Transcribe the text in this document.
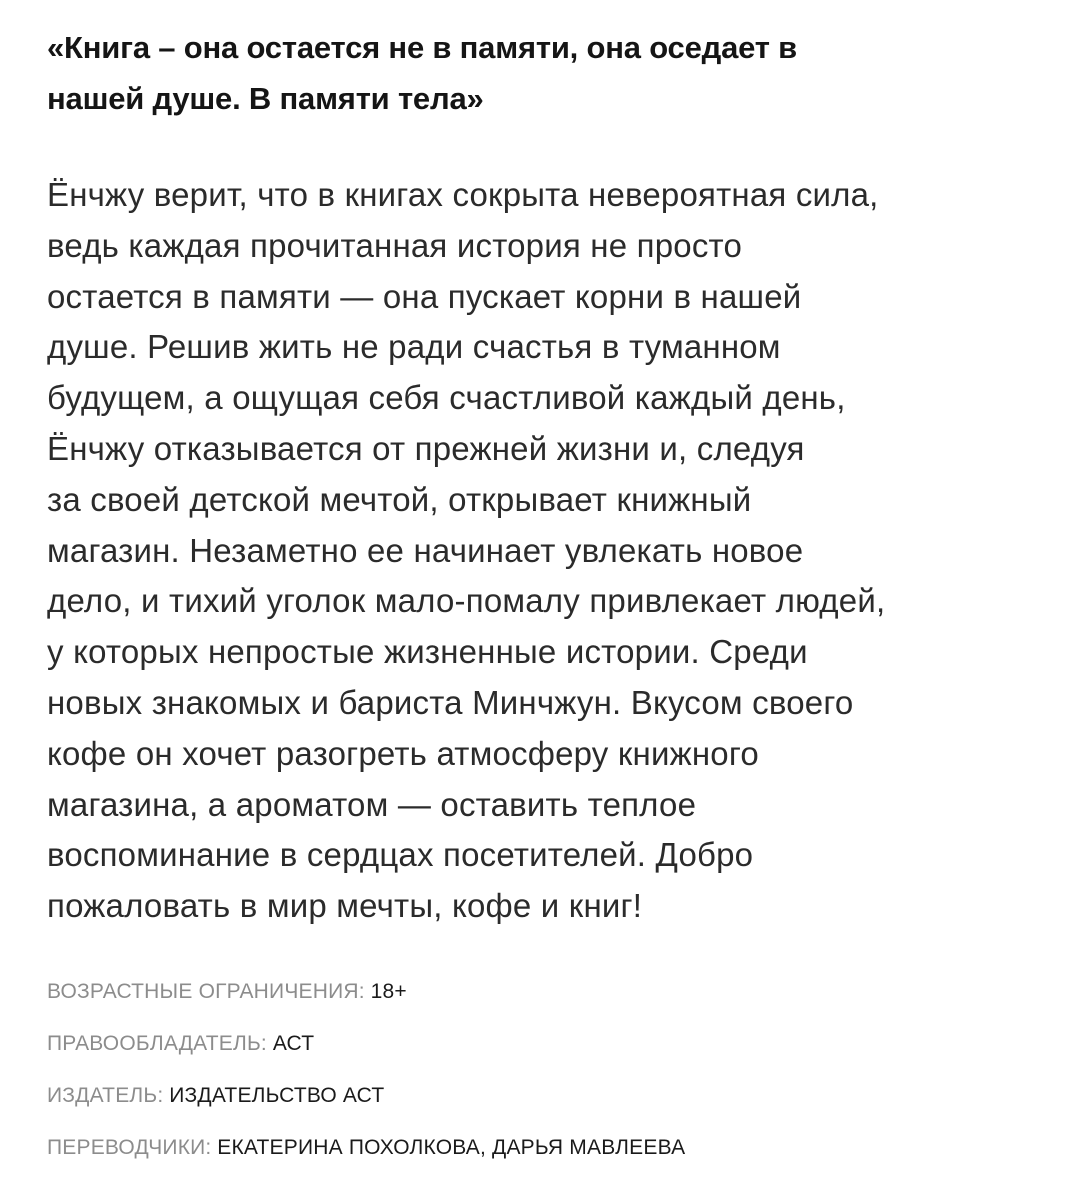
«Книга – она остается не в памяти, она оседает в
нашей душе. В памяти тела»
Ёнчжу верит, что в книгах сокрыта невероятная сила,
ведь каждая прочитанная история не просто
остается в памяти — она пускает корни в нашей
душе. Решив жить не ради счастья в туманном
будущем, а ощущая себя счастливой каждый день,
Ёнчжу отказывается от прежней жизни и, следуя
за своей детской мечтой, открывает книжный
магазин. Незаметно ее начинает увлекать новое
дело, и тихий уголок мало-помалу привлекает людей,
у которых непростые жизненные истории. Среди
новых знакомых и бариста Минчжун. Вкусом своего
кофе он хочет разогреть атмосферу книжного
магазина, а ароматом — оставить теплое
воспоминание в сердцах посетителей. Добро
пожаловать в мир мечты, кофе и книг!
ВОЗРАСТНЫЕ ОГРАНИЧЕНИЯ: 18+
ПРАВООБЛАДАТЕЛЬ: АСТ
ИЗДАТЕЛЬ: ИЗДАТЕЛЬСТВО АСТ
ПЕРЕВОДЧИКИ: ЕКАТЕРИНА ПОХОЛКОВА, ДАРЬЯ МАВЛЕЕВА
